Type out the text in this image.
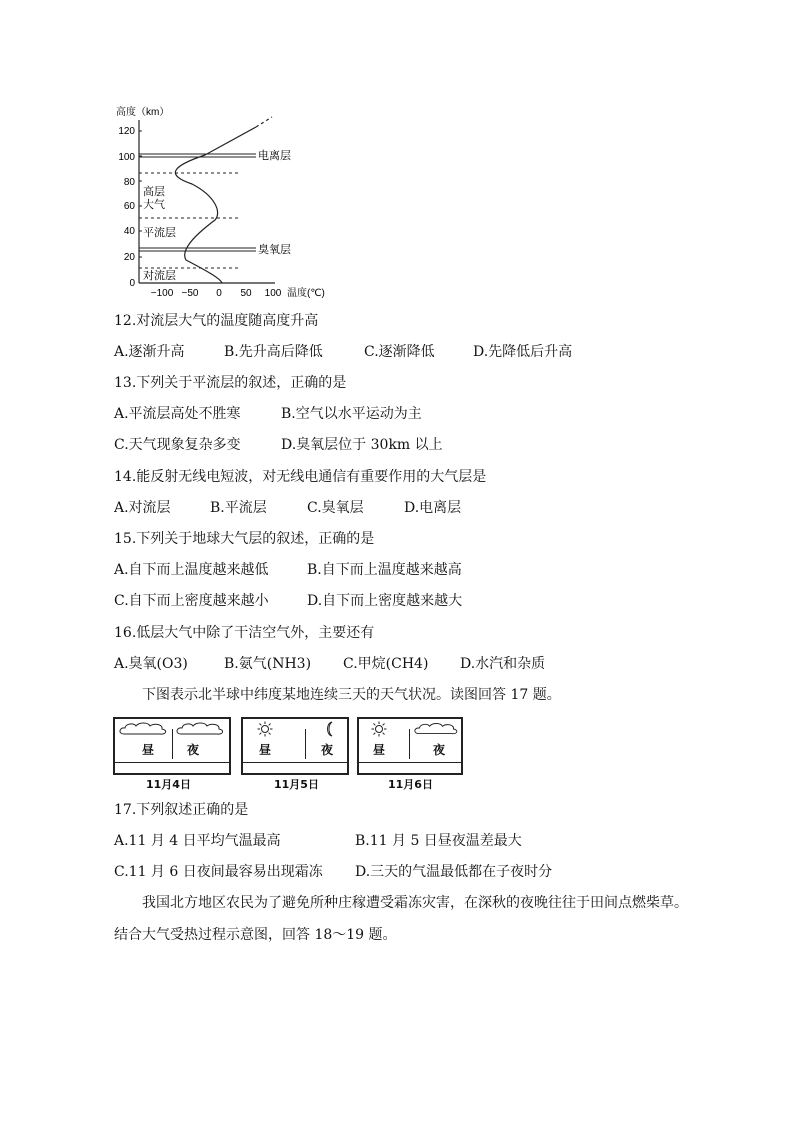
高度（km）
120
100
80
60
40
20
0
−100 −50 0 50 100 温度(℃)
电离层
臭氧层
高层
大气
平流层
对流层
12.对流层大气的温度随高度升高
A.逐渐升高	B.先升高后降低	C.逐渐降低	D.先降低后升高
13.下列关于平流层的叙述，正确的是
A.平流层高处不胜寒	B.空气以水平运动为主
C.天气现象复杂多变	D.臭氧层位于 30km 以上
14.能反射无线电短波，对无线电通信有重要作用的大气层是
A.对流层	B.平流层	C.臭氧层	D.电离层
15.下列关于地球大气层的叙述，正确的是
A.自下而上温度越来越低	B.自下而上温度越来越高
C.自下而上密度越来越小	D.自下而上密度越来越大
16.低层大气中除了干洁空气外，主要还有
A.臭氧(O3)	B.氨气(NH3) C.甲烷(CH4) D.水汽和杂质
下图表示北半球中纬度某地连续三天的天气状况。读图回答 17 题。
昼	夜
11月4日
昼	夜
11月5日
昼	夜
11月6日
17.下列叙述正确的是
A.11 月 4 日平均气温最高	B.11 月 5 日昼夜温差最大
C.11 月 6 日夜间最容易出现霜冻 D.三天的气温最低都在子夜时分
我国北方地区农民为了避免所种庄稼遭受霜冻灾害，在深秋的夜晚往往于田间点燃柴草。
结合大气受热过程示意图，回答 18～19 题。
